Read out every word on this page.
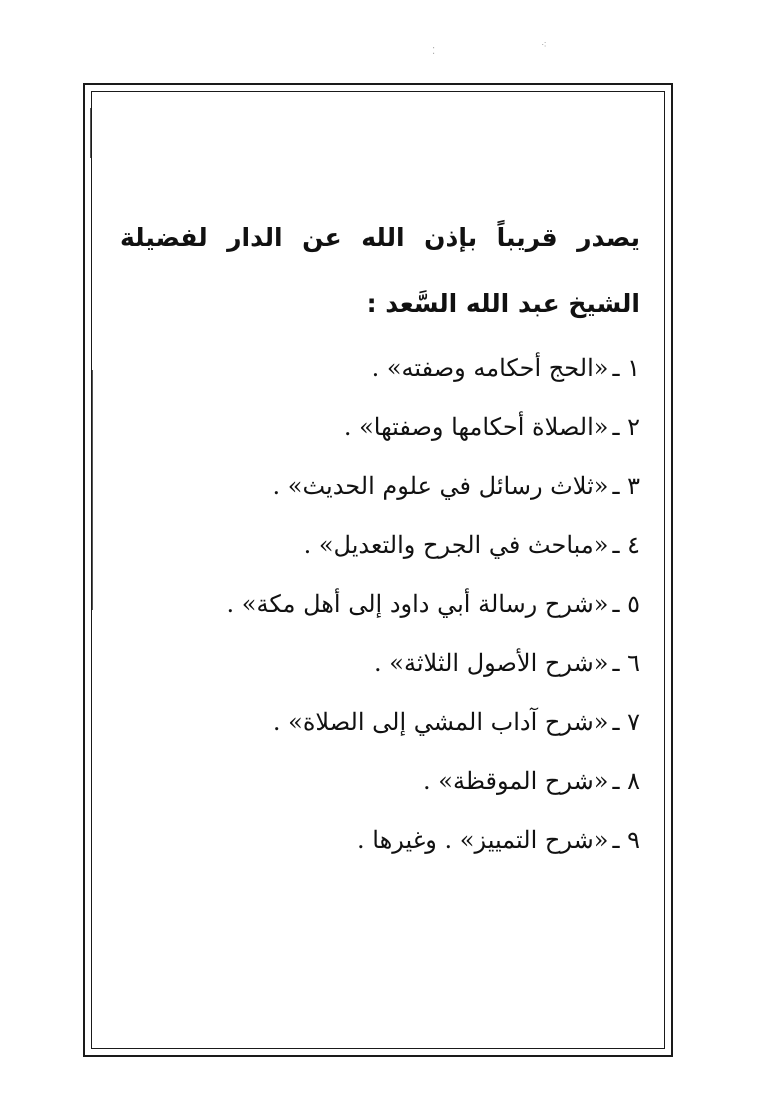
⁚
⁖

يصدر قريباً بإذن الله عن الدار لفضيلة الشيخ عبد الله السَّعد :

١ ـ«الحج أحكامه وصفته» .
٢ ـ«الصلاة أحكامها وصفتها» .
٣ ـ«ثلاث رسائل في علوم الحديث» .
٤ ـ«مباحث في الجرح والتعديل» .
٥ ـ«شرح رسالة أبي داود إلى أهل مكة» .
٦ ـ«شرح الأصول الثلاثة» .
٧ ـ«شرح آداب المشي إلى الصلاة» .
٨ ـ«شرح الموقظة» .
٩ ـ«شرح التمييز» . وغيرها .
